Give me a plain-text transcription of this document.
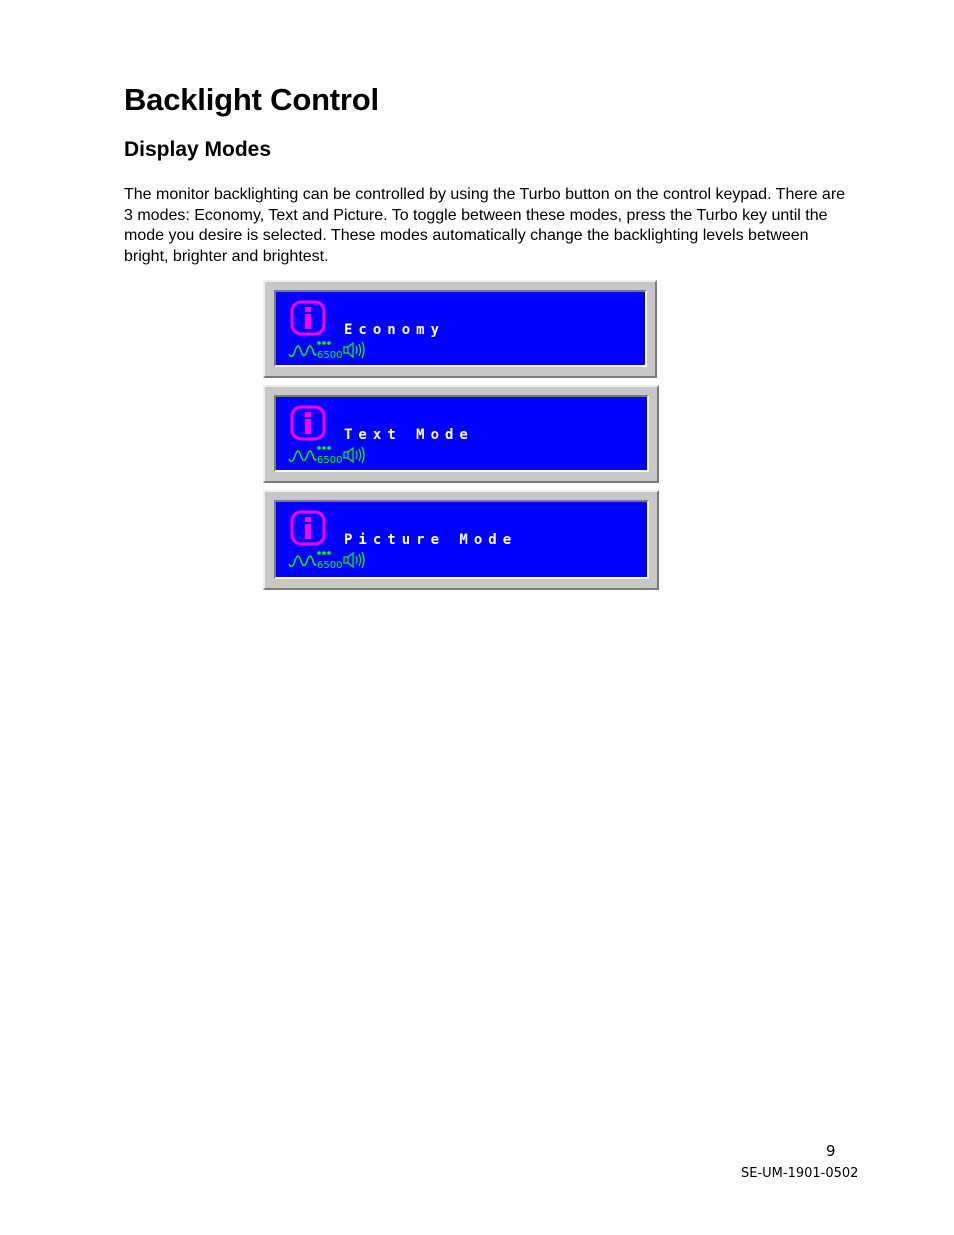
Backlight Control
Display Modes

The monitor backlighting can be controlled by using the Turbo button on the control keypad. There are 3 modes: Economy, Text and Picture. To toggle between these modes, press the Turbo key until the mode you desire is selected. These modes automatically change the backlighting levels between bright, brighter and brightest.

Economy
6500
Text Mode
6500
Picture Mode
6500
9
SE-UM-1901-0502
